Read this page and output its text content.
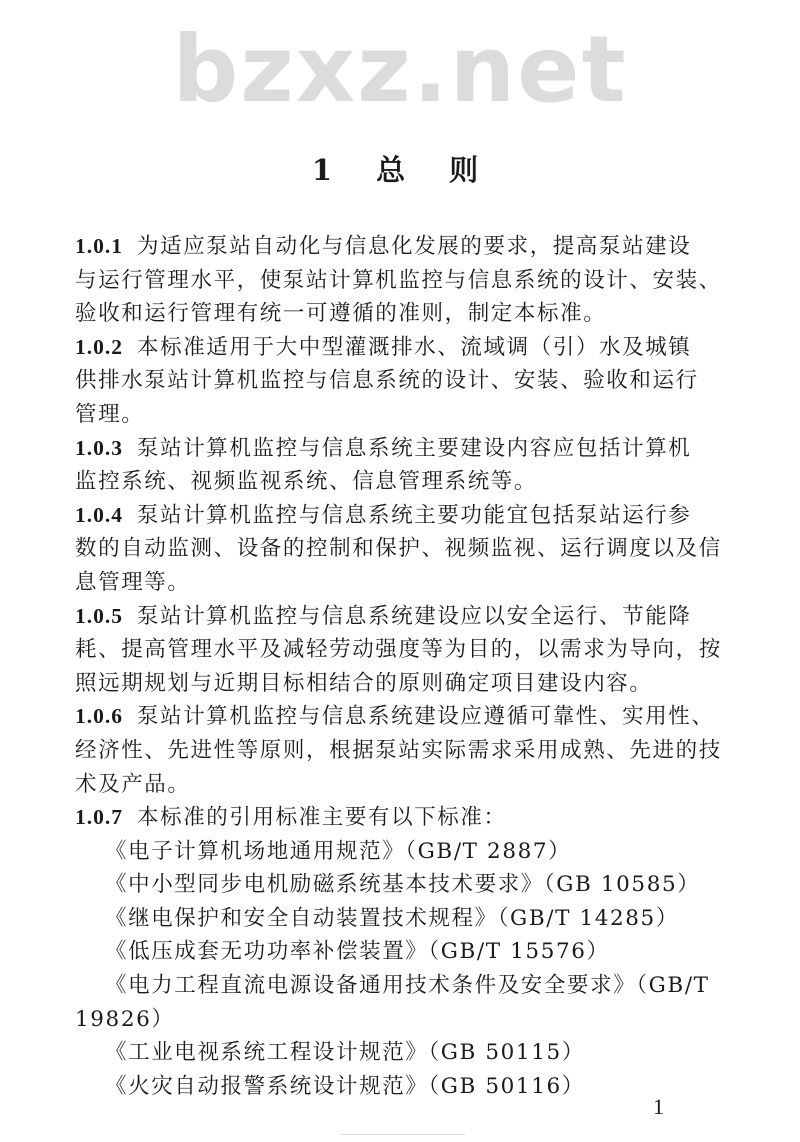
bzxz.net
1 总 则
1.0.1 为适应泵站自动化与信息化发展的要求，提高泵站建设
与运行管理水平，使泵站计算机监控与信息系统的设计、安装、
验收和运行管理有统一可遵循的准则，制定本标准。
1.0.2 本标准适用于大中型灌溉排水、流域调（引）水及城镇
供排水泵站计算机监控与信息系统的设计、安装、验收和运行
管理。
1.0.3 泵站计算机监控与信息系统主要建设内容应包括计算机
监控系统、视频监视系统、信息管理系统等。
1.0.4 泵站计算机监控与信息系统主要功能宜包括泵站运行参
数的自动监测、设备的控制和保护、视频监视、运行调度以及信
息管理等。
1.0.5 泵站计算机监控与信息系统建设应以安全运行、节能降
耗、提高管理水平及减轻劳动强度等为目的，以需求为导向，按
照远期规划与近期目标相结合的原则确定项目建设内容。
1.0.6 泵站计算机监控与信息系统建设应遵循可靠性、实用性、
经济性、先进性等原则，根据泵站实际需求采用成熟、先进的技
术及产品。
1.0.7 本标准的引用标准主要有以下标准：
《电子计算机场地通用规范》（GB/T 2887）
《中小型同步电机励磁系统基本技术要求》（GB 10585）
《继电保护和安全自动装置技术规程》（GB/T 14285）
《低压成套无功功率补偿装置》（GB/T 15576）
《电力工程直流电源设备通用技术条件及安全要求》（GB/T
19826）
《工业电视系统工程设计规范》（GB 50115）
《火灾自动报警系统设计规范》（GB 50116）
1
